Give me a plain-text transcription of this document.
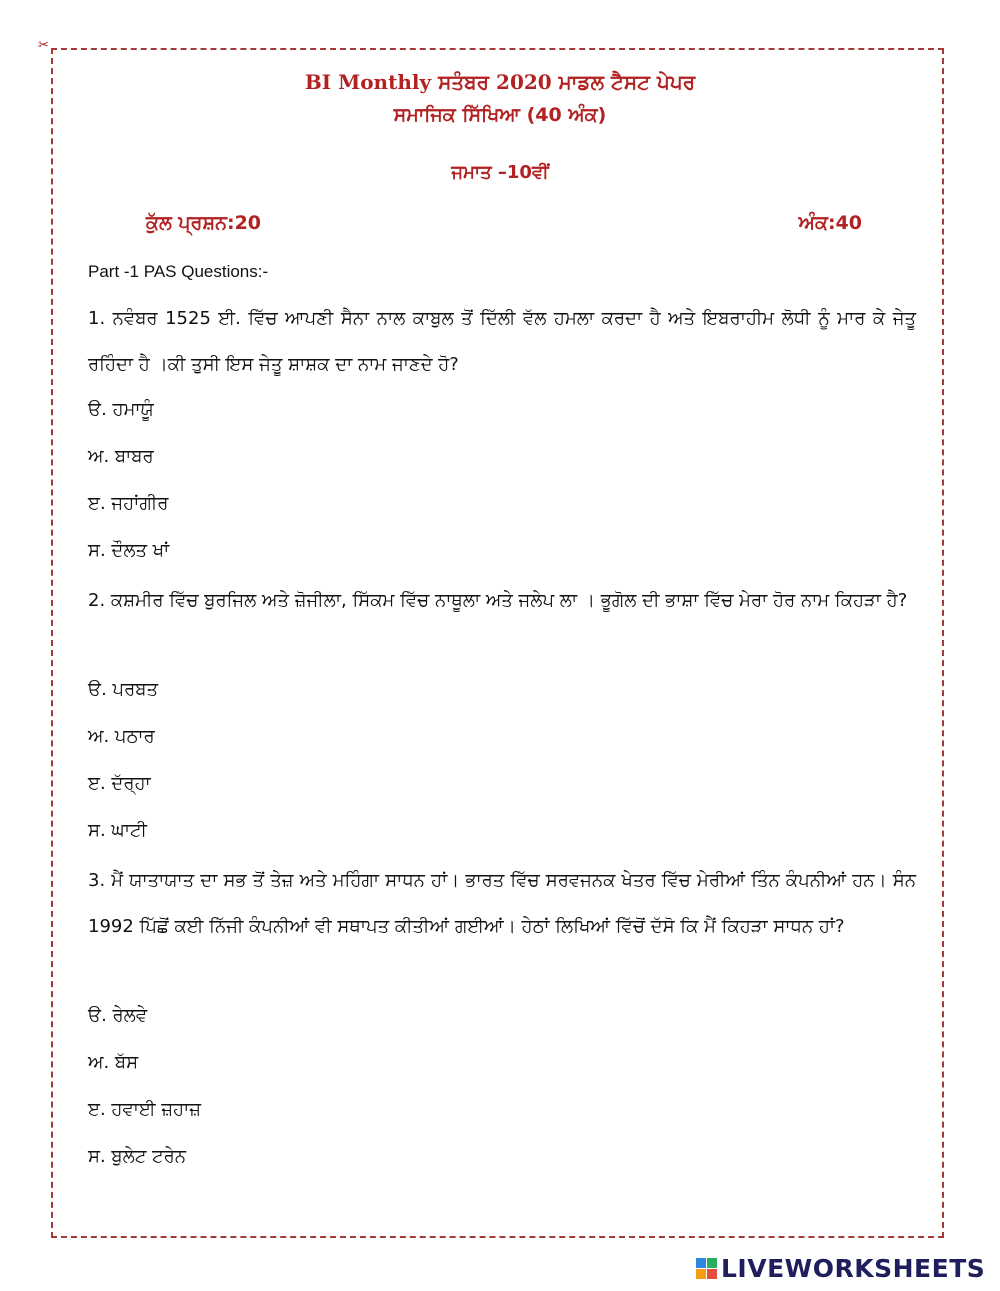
✂
BI Monthly ਸਤੰਬਰ 2020 ਮਾਡਲ ਟੈਸਟ ਪੇਪਰ
ਸਮਾਜਿਕ ਸਿੱਖਿਆ (40 ਅੰਕ)
ਜਮਾਤ –10ਵੀਂ
ਕੁੱਲ ਪ੍ਰਸ਼ਨ:20	ਅੰਕ:40
Part -1 PAS Questions:-
1. ਨਵੰਬਰ 1525 ਈ. ਵਿੱਚ ਆਪਣੀ ਸੈਨਾ ਨਾਲ ਕਾਬੁਲ ਤੋਂ ਦਿੱਲੀ ਵੱਲ ਹਮਲਾ ਕਰਦਾ ਹੈ ਅਤੇ ਇਬਰਾਹੀਮ ਲੋਧੀ ਨੂੰ ਮਾਰ ਕੇ ਜੇਤੂ ਰਹਿੰਦਾ ਹੈ ।ਕੀ ਤੁਸੀ ਇਸ ਜੇਤੂ ਸ਼ਾਸ਼ਕ ਦਾ ਨਾਮ ਜਾਣਦੇ ਹੋ?
ੳ. ਹਮਾਯੂੰ
ਅ. ਬਾਬਰ
ੲ. ਜਹਾਂਗੀਰ
ਸ. ਦੌਲਤ ਖਾਂ
2. ਕਸ਼ਮੀਰ ਵਿੱਚ ਬੁਰਜਿਲ ਅਤੇ ਜ਼ੋਜੀਲਾ, ਸਿੱਕਮ ਵਿੱਚ ਨਾਥੂਲਾ ਅਤੇ ਜਲੇਪ ਲਾ । ਭੂਗੋਲ ਦੀ ਭਾਸ਼ਾ ਵਿੱਚ ਮੇਰਾ ਹੋਰ ਨਾਮ ਕਿਹੜਾ ਹੈ?
ੳ. ਪਰਬਤ
ਅ. ਪਠਾਰ
ੲ. ਦੱਰ੍ਹਾ
ਸ. ਘਾਟੀ
3. ਮੈਂ ਯਾਤਾਯਾਤ ਦਾ ਸਭ ਤੋਂ ਤੇਜ਼ ਅਤੇ ਮਹਿੰਗਾ ਸਾਧਨ ਹਾਂ। ਭਾਰਤ ਵਿੱਚ ਸਰਵਜਨਕ ਖੇਤਰ ਵਿੱਚ ਮੇਰੀਆਂ ਤਿੰਨ ਕੰਪਨੀਆਂ ਹਨ। ਸੰਨ 1992 ਪਿੱਛੋਂ ਕਈ ਨਿੱਜੀ ਕੰਪਨੀਆਂ ਵੀ ਸਥਾਪਤ ਕੀਤੀਆਂ ਗਈਆਂ। ਹੇਠਾਂ ਲਿਖਿਆਂ ਵਿੱਚੋਂ ਦੱਸੋ ਕਿ ਮੈਂ ਕਿਹੜਾ ਸਾਧਨ ਹਾਂ?
ੳ. ਰੇਲਵੇ
ਅ. ਬੱਸ
ੲ. ਹਵਾਈ ਜ਼ਹਾਜ਼
ਸ. ਬੁਲੇਟ ਟਰੇਨ
LIVEWORKSHEETS
